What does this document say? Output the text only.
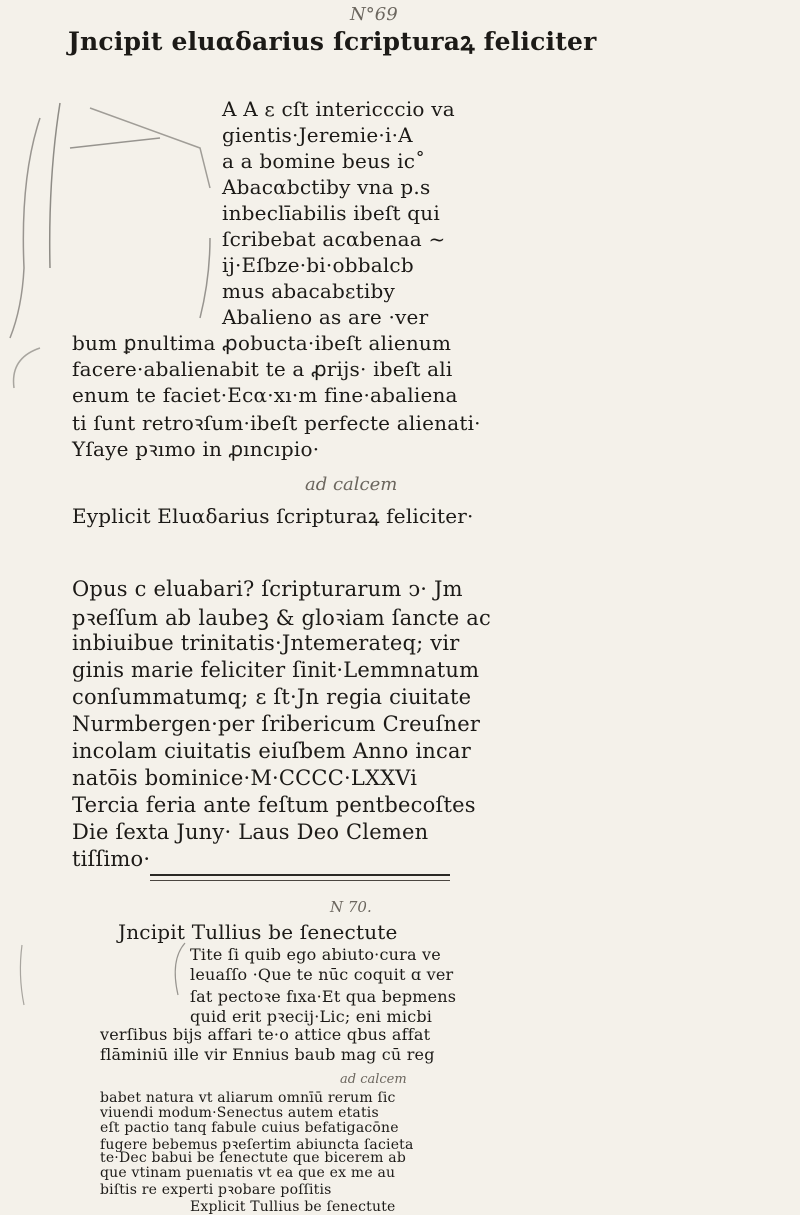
N°69
Jncipit eluαδarius ſcripturaꝝ feliciter
A A ε cſt intericccio va
gientis·Jeremie·i·A
a a bomine beus ic˚
Abacαbctiby vna p.s
inbeclīabilis ibeſt qui
ſcribebat acαbenaa ~
ij·Eſbze·bi·obbalcb
mus abacabεtiby
Abalieno as are ·ver
bum ꝑnultima ꝓobucta·ibeſt alienum
facere·abalienabit te a ꝓrijs· ibeſt ali
enum te faciet·Ecα·xı·m fine·abaliena
ti ſunt retroꝛſum·ibeſt perfecte alienati·
Yſaye pꝛımo in ꝓıncıpio·
ad calcem
Eyplicit Eluαδarius ſcripturaꝝ feliciter·
Opus c eluabari? ſcripturarum ↄ· Jm
pꝛeſſum ab laubeꝫ & gloꝛiam ſancte ac
inbiuibue trinitatis·Jntemerateq; vir
ginis marie feliciter ſinit·Lemmnatum
conſummatumq; ε ſt·Jn regia ciuitate
Nurmbergen·per ſribericum Creuſner
incolam ciuitatis eiuſbem Anno incar
natōis bominice·M·CCCC·LXXVi
Tercia feria ante feſtum pentbecoſtes
Die ſexta Juny· Laus Deo Clemen
tiſſimo·
N 70.
Jncipit Tullius be ſenectute
Tite ſi quib ego abiuto·cura ve
leuaſſo ·Que te nūc coquit ɑ ver
ſat pectoꝛe fıxa·Et qua bepmens
quid erit pꝛecij·Lic; eni micbi
verſibus bijs affari te·o attice qbus affat
flāminiū ille vir Ennius baub mag cū reg
ad calcem
babet natura vt aliarum omnīū rerum ſic
viuendi modum·Senectus autem etatis
eſt pactio tanq fabule cuius befatigacōne
fugere bebemus pꝛeſertim abiuncta ſacieta
te·Dec babui be ſenectute que bicerem ab
que vtinam puenıatis vt ea que ex me au
biſtis re experti pꝛobare poſſitis
Explicit Tullius be ſenectute
